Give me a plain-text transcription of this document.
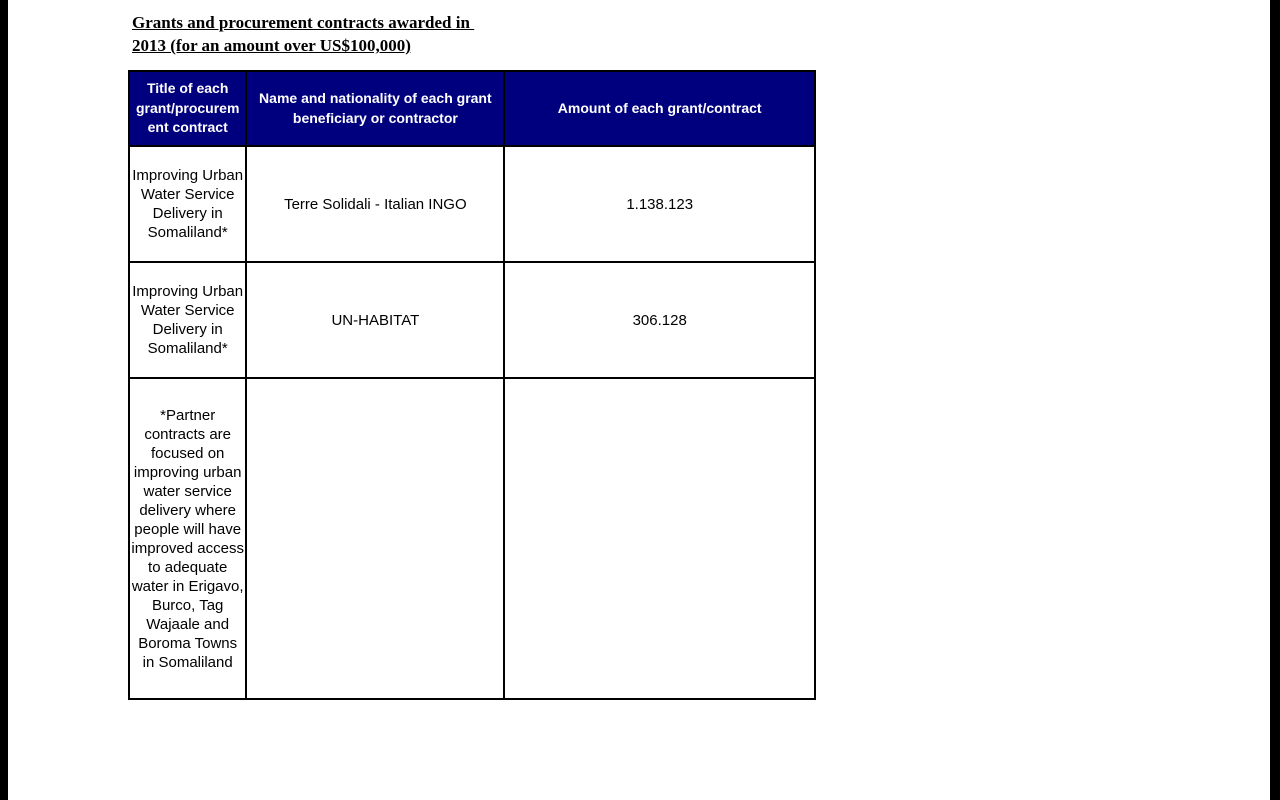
Grants and procurement contracts awarded in
2013 (for an amount over US$100,000)
Title of each grant/procurem ent contract	Name and nationality of each grant beneficiary or contractor	Amount of each grant/contract
Improving Urban Water Service Delivery in Somaliland*	Terre Solidali - Italian INGO	1.138.123
Improving Urban Water Service Delivery in Somaliland*	UN-HABITAT	306.128
*Partner contracts are focused on improving urban water service delivery where people will have improved access to adequate water in Erigavo, Burco, Tag Wajaale and Boroma Towns in Somaliland		
